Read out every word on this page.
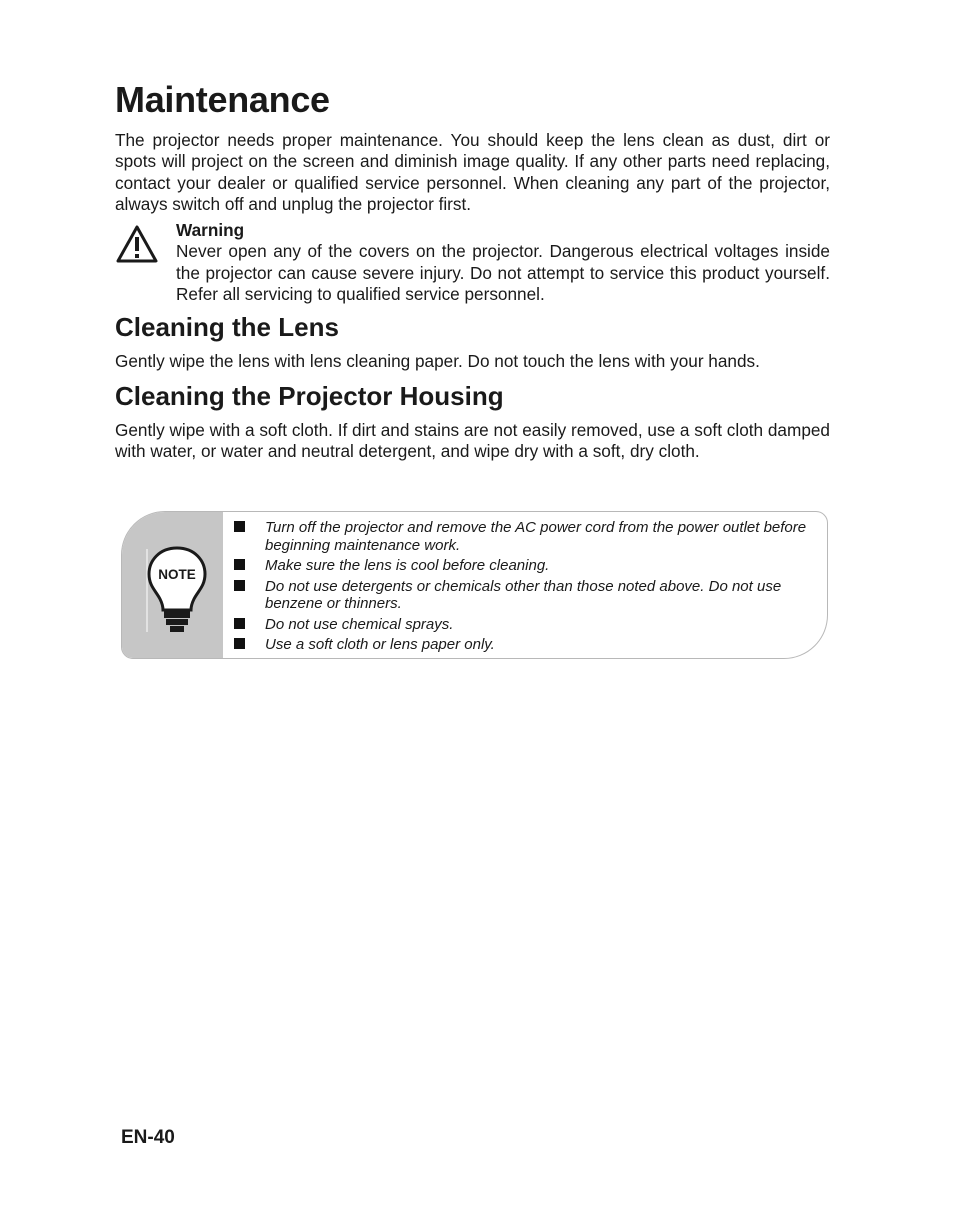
Maintenance

The projector needs proper maintenance. You should keep the lens clean as dust, dirt or spots will project on the screen and diminish image quality. If any other parts need replacing, contact your dealer or qualified service personnel. When cleaning any part of the projector, always switch off and unplug the projector first.

Warning

Never open any of the covers on the projector. Dangerous electrical voltages inside the projector can cause severe injury. Do not attempt to service this product yourself. Refer all servicing to qualified service personnel.

Cleaning the Lens

Gently wipe the lens with lens cleaning paper. Do not touch the lens with your hands.

Cleaning the Projector Housing

Gently wipe with a soft cloth. If dirt and stains are not easily removed, use a soft cloth damped with water, or water and neutral detergent, and wipe dry with a soft, dry cloth.

NOTE
Turn off the projector and remove the AC power cord from the power outlet before beginning maintenance work.
Make sure the lens is cool before cleaning.
Do not use detergents or chemicals other than those noted above. Do not use benzene or thinners.
Do not use chemical sprays.
Use a soft cloth or lens paper only.

EN-40
